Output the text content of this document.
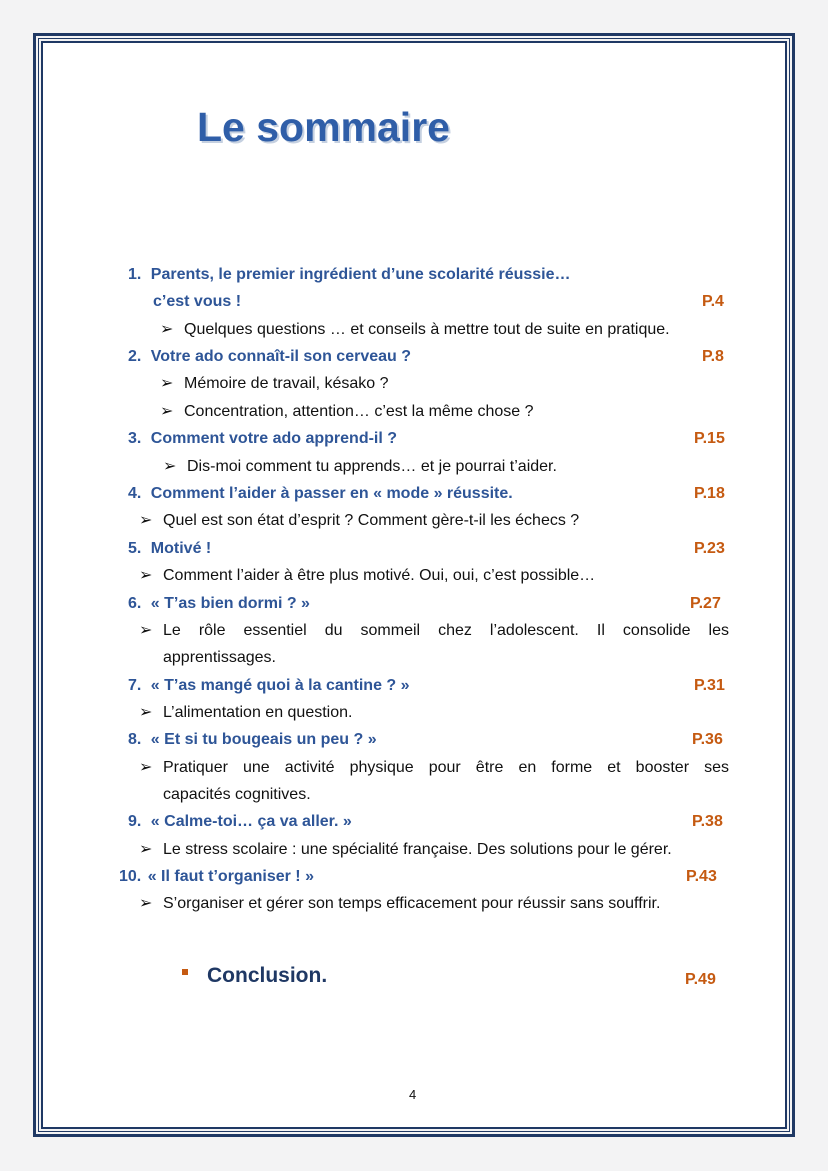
Le sommaire
1. Parents, le premier ingrédient d’une scolarité réussie…
c’est vous !	P.4
➢ Quelques questions … et conseils à mettre tout de suite en pratique.
2. Votre ado connaît-il son cerveau ?	P.8
➢ Mémoire de travail, késako ?
➢ Concentration, attention… c’est la même chose ?
3. Comment votre ado apprend-il ?	P.15
➢ Dis-moi comment tu apprends… et je pourrai t’aider.
4. Comment l’aider à passer en « mode » réussite.	P.18
➢ Quel est son état d’esprit ? Comment gère-t-il les échecs ?
5. Motivé !	P.23
➢ Comment l’aider à être plus motivé. Oui, oui, c’est possible…
6. « T’as bien dormi ? »	P.27
➢ Le rôle essentiel du sommeil chez l’adolescent. Il consolide les
apprentissages.
7. « T’as mangé quoi à la cantine ? »	P.31
➢ L’alimentation en question.
8. « Et si tu bougeais un peu ? »	P.36
➢ Pratiquer une activité physique pour être en forme et booster ses
capacités cognitives.
9. « Calme-toi… ça va aller. »	P.38
➢ Le stress scolaire : une spécialité française. Des solutions pour le gérer.
10. « Il faut t’organiser ! »	P.43
➢ S’organiser et gérer son temps efficacement pour réussir sans souffrir.
Conclusion.	P.49
4
